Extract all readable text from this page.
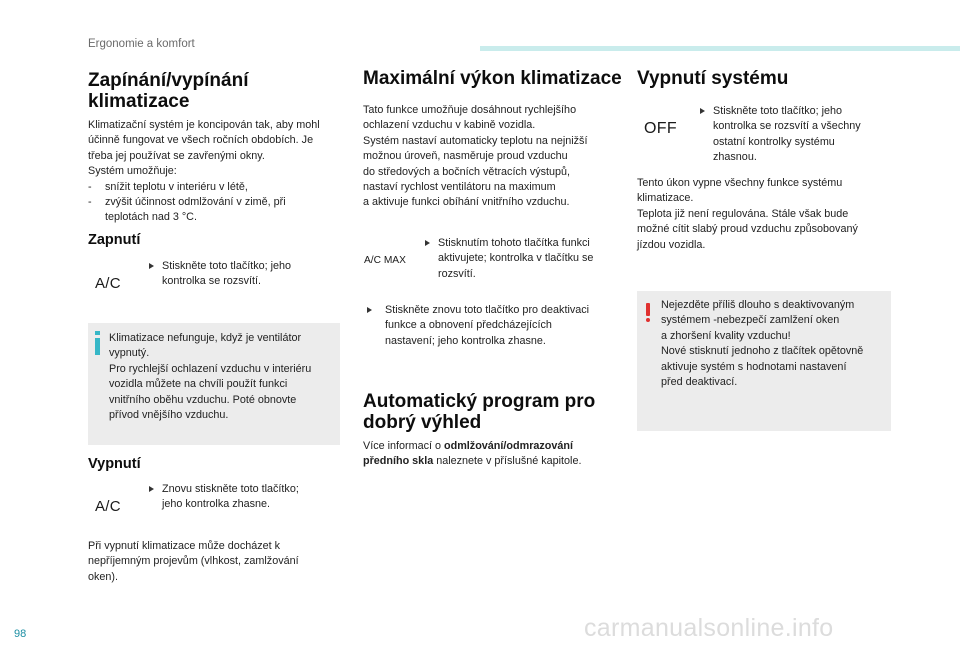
Ergonomie a komfort
Zapínání/vypínání
klimatizace
Klimatizační systém je koncipován tak, aby mohl
účinně fungovat ve všech ročních obdobích. Je
třeba jej používat se zavřenými okny.
Systém umožňuje:
- snížit teplotu v interiéru v létě,
- zvýšit účinnost odmlžování v zimě, při
teplotách nad 3 °C.
Zapnutí
A/C
Stiskněte toto tlačítko; jeho
kontrolka se rozsvítí.
Klimatizace nefunguje, když je ventilátor
vypnutý.
Pro rychlejší ochlazení vzduchu v interiéru
vozidla můžete na chvíli použít funkci
vnitřního oběhu vzduchu. Poté obnovte
přívod vnějšího vzduchu.
Vypnutí
A/C
Znovu stiskněte toto tlačítko;
jeho kontrolka zhasne.
Při vypnutí klimatizace může docházet k
nepříjemným projevům (vlhkost, zamlžování
oken).
Maximální výkon klimatizace
Tato funkce umožňuje dosáhnout rychlejšího
ochlazení vzduchu v kabině vozidla.
Systém nastaví automaticky teplotu na nejnižší
možnou úroveň, nasměruje proud vzduchu
do středových a bočních větracích výstupů,
nastaví rychlost ventilátoru na maximum
a aktivuje funkci obíhání vnitřního vzduchu.
A/C MAX
Stisknutím tohoto tlačítka funkci
aktivujete; kontrolka v tlačítku se
rozsvítí.
Stiskněte znovu toto tlačítko pro deaktivaci
funkce a obnovení předcházejících
nastavení; jeho kontrolka zhasne.
Automatický program pro
dobrý výhled
Více informací o odmlžování/odmrazování
předního skla naleznete v příslušné kapitole.
Vypnutí systému
OFF
Stiskněte toto tlačítko; jeho
kontrolka se rozsvítí a všechny
ostatní kontrolky systému
zhasnou.
Tento úkon vypne všechny funkce systému
klimatizace.
Teplota již není regulována. Stále však bude
možné cítit slabý proud vzduchu způsobovaný
jízdou vozidla.
Nejezděte příliš dlouho s deaktivovaným
systémem -nebezpečí zamlžení oken
a zhoršení kvality vzduchu!
Nové stisknutí jednoho z tlačítek opětovně
aktivuje systém s hodnotami nastavení
před deaktivací.
98	carmanualsonline.info
